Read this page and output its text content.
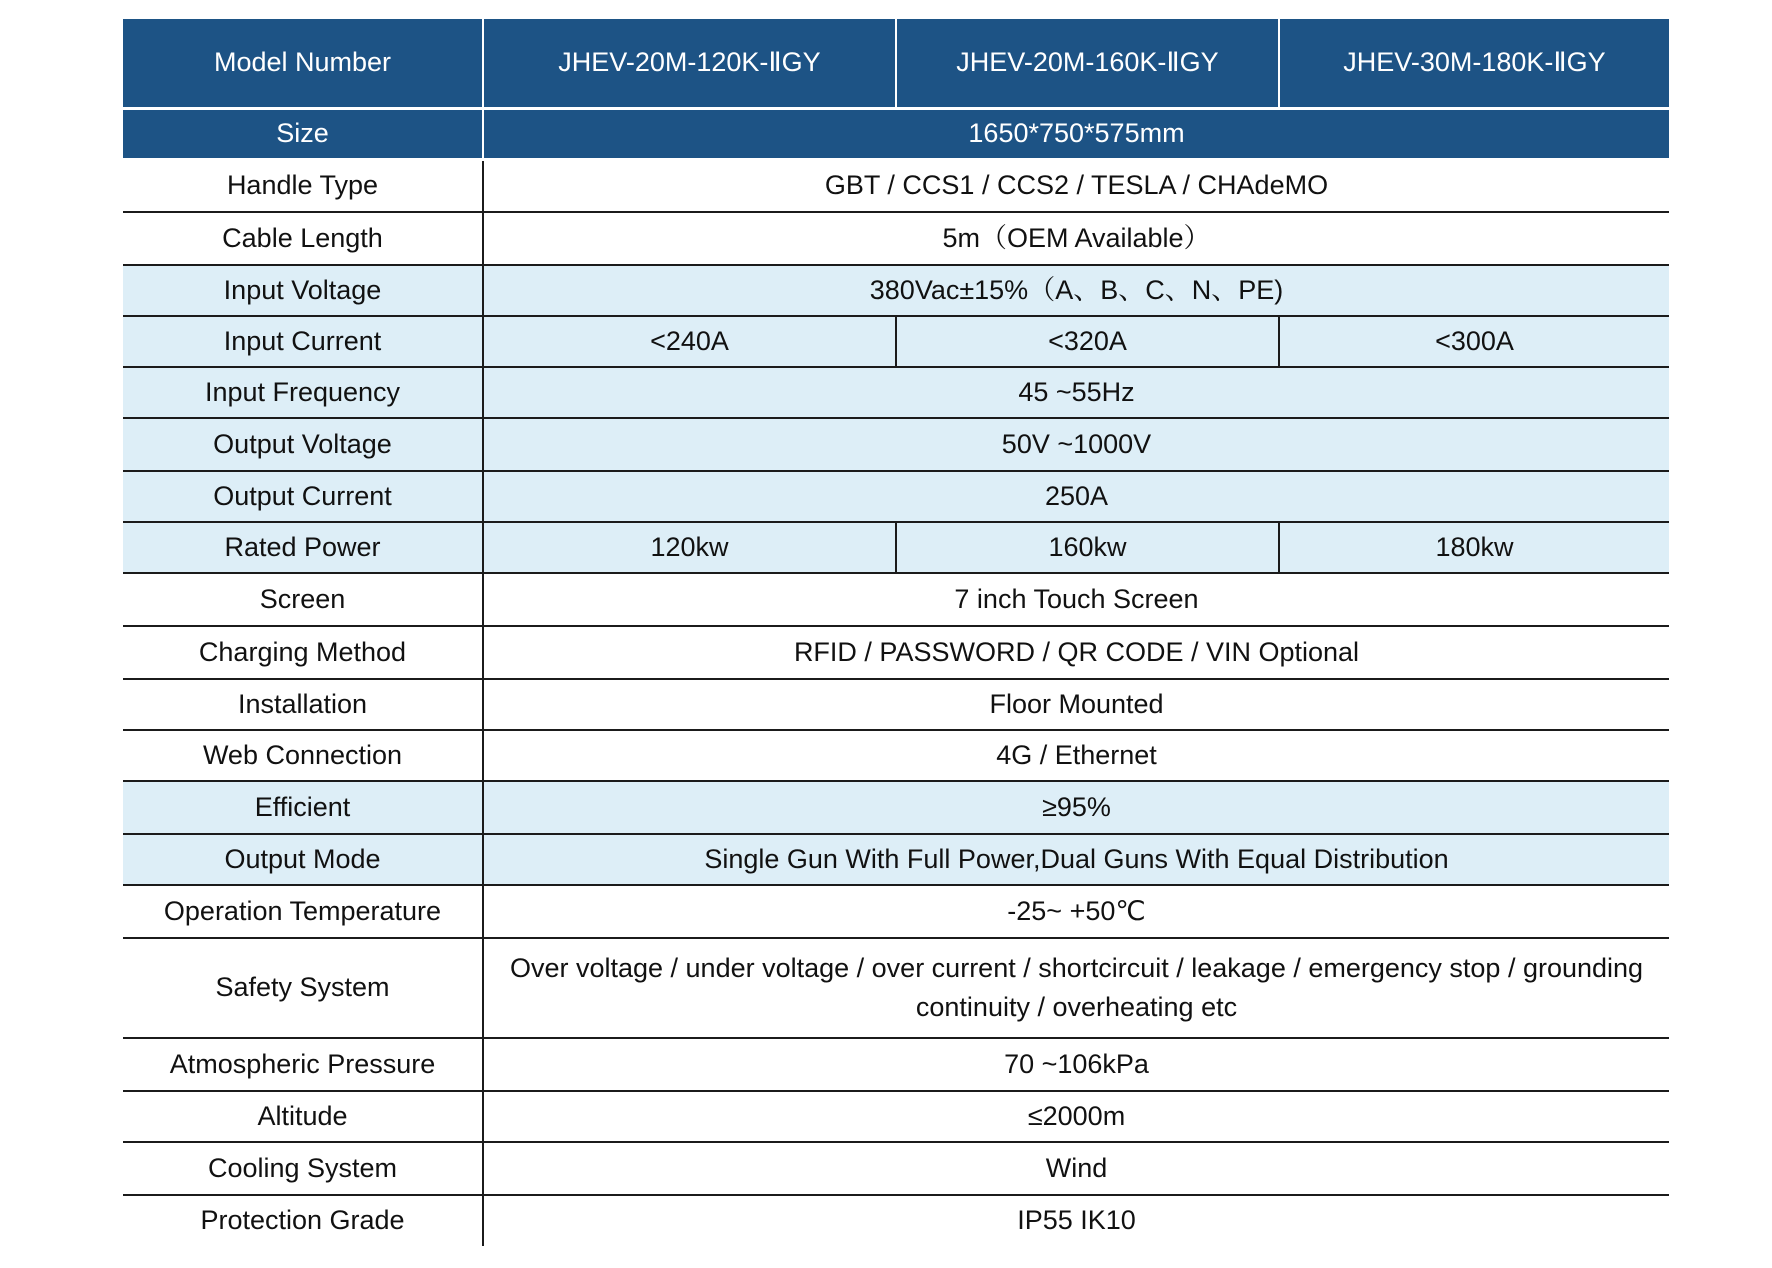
Model Number	JHEV-20M-120K-ⅡGY	JHEV-20M-160K-ⅡGY	JHEV-30M-180K-ⅡGY
Size	1650*750*575mm		
Handle Type	GBT / CCS1 / CCS2 / TESLA / CHAdeMO		
Cable Length	5m（OEM Available）		
Input Voltage	380Vac±15%（A、B、C、N、PE)		
Input Current	<240A	<320A	<300A
Input Frequency	45 ~55Hz		
Output Voltage	50V ~1000V		
Output Current	250A		
Rated Power	120kw	160kw	180kw
Screen	7 inch Touch Screen		
Charging Method	RFID / PASSWORD / QR CODE / VIN Optional		
Installation	Floor Mounted		
Web Connection	4G / Ethernet		
Efficient	≥95%		
Output Mode	Single Gun With Full Power,Dual Guns With Equal Distribution		
Operation Temperature	-25~ +50℃		
Safety System	Over voltage / under voltage / over current / shortcircuit / leakage / emergency stop / grounding continuity / overheating etc		
Atmospheric Pressure	70 ~106kPa		
Altitude	≤2000m		
Cooling System	Wind		
Protection Grade	IP55 IK10		
